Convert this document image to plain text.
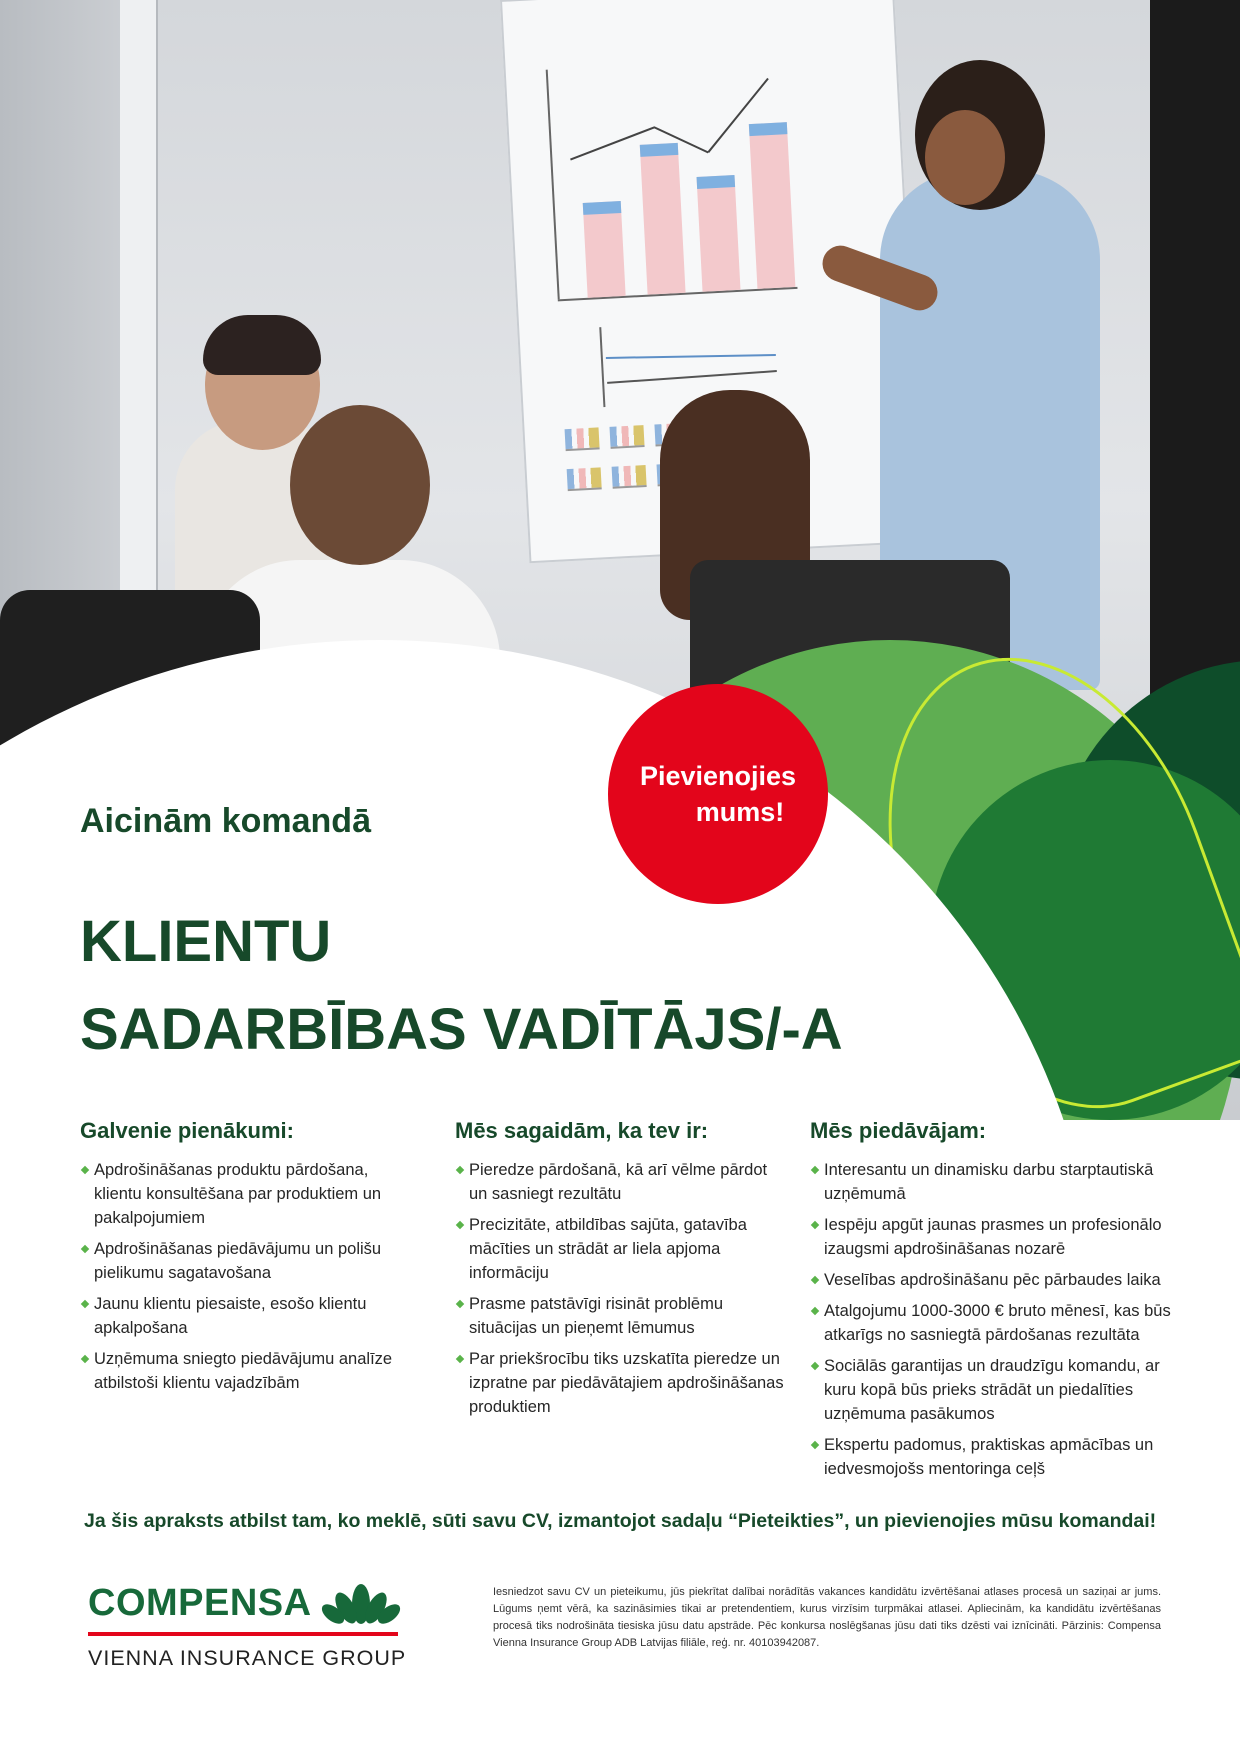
Pievienojies
mums!
Aicinām komandā
KLIENTU
SADARBĪBAS VADĪTĀJS/-A
Galvenie pienākumi:
Apdrošināšanas produktu pārdošana, klientu konsultēšana par produktiem un pakalpojumiem
Apdrošināšanas piedāvājumu un polišu pielikumu sagatavošana
Jaunu klientu piesaiste, esošo klientu apkalpošana
Uzņēmuma sniegto piedāvājumu analīze atbilstoši klientu vajadzībām
Mēs sagaidām, ka tev ir:
Pieredze pārdošanā, kā arī vēlme pārdot un sasniegt rezultātu
Precizitāte, atbildības sajūta, gatavība mācīties un strādāt ar liela apjoma informāciju
Prasme patstāvīgi risināt problēmu situācijas un pieņemt lēmumus
Par priekšrocību tiks uzskatīta pieredze un izpratne par piedāvātajiem apdrošināšanas produktiem
Mēs piedāvājam:
Interesantu un dinamisku darbu starptautiskā uzņēmumā
Iespēju apgūt jaunas prasmes un profesionālo izaugsmi apdrošināšanas nozarē
Veselības apdrošināšanu pēc pārbaudes laika
Atalgojumu 1000-3000 € bruto mēnesī, kas būs atkarīgs no sasniegtā pārdošanas rezultāta
Sociālās garantijas un draudzīgu komandu, ar kuru kopā būs prieks strādāt un piedalīties uzņēmuma pasākumos
Ekspertu padomus, praktiskas apmācības un iedvesmojošs mentoringa ceļš
Ja šis apraksts atbilst tam, ko meklē, sūti savu CV, izmantojot sadaļu “Pieteikties”, un pievienojies mūsu komandai!
COMPENSA
VIENNA INSURANCE GROUP
Iesniedzot savu CV un pieteikumu, jūs piekrītat dalībai norādītās vakances kandidātu izvērtēšanai atlases procesā un saziņai ar jums. Lūgums ņemt vērā, ka sazināsimies tikai ar pretendentiem, kurus virzīsim turpmākai atlasei. Apliecinām, ka kandidātu izvērtēšanas procesā tiks nodrošināta tiesiska jūsu datu apstrāde. Pēc konkursa noslēgšanas jūsu dati tiks dzēsti vai iznīcināti. Pārzinis: Compensa Vienna Insurance Group ADB Latvijas filiāle, reģ. nr. 40103942087.
